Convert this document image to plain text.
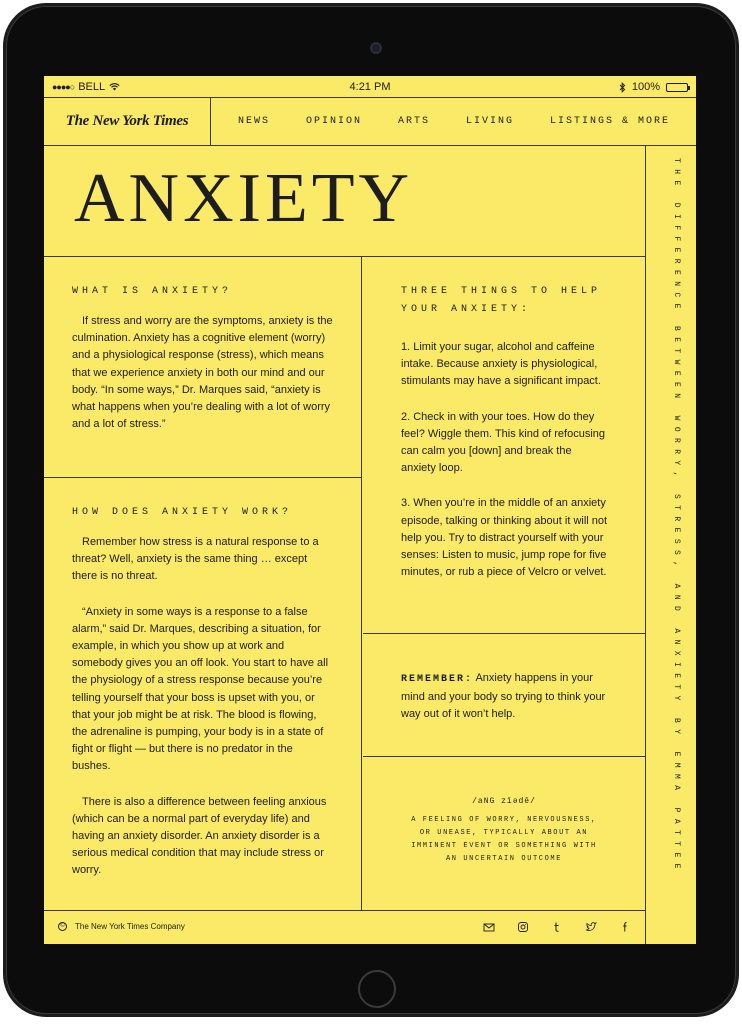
●●●●○ BELL	4:21 PM	100%
The New York Times	NEWS	OPINION	ARTS	LIVING	LISTINGS & MORE
ANXIETY	THE DIFFERENCE BETWEEN WORRY, STRESS, AND ANXIETY BY EMMA PATTEE
WHAT IS ANXIETY?

If stress and worry are the symptoms, anxiety is the culmination. Anxiety has a cognitive element (worry) and a physiological response (stress), which means that we experience anxiety in both our mind and our body. “In some ways,” Dr. Marques said, “anxiety is what happens when you’re dealing with a lot of worry and a lot of stress.”

HOW DOES ANXIETY WORK?

Remember how stress is a natural response to a threat? Well, anxiety is the same thing … except there is no threat.

“Anxiety in some ways is a response to a false alarm,” said Dr. Marques, describing a situation, for example, in which you show up at work and somebody gives you an off look. You start to have all the physiology of a stress response because you’re telling yourself that your boss is upset with you, or that your job might be at risk. The blood is flowing, the adrenaline is pumping, your body is in a state of fight or flight — but there is no predator in the bushes.

There is also a difference between feeling anxious (which can be a normal part of everyday life) and having an anxiety disorder. An anxiety disorder is a serious medical condition that may include stress or worry.

THREE THINGS TO HELP YOUR ANXIETY:

1. Limit your sugar, alcohol and caffeine intake. Because anxiety is physiological, stimulants may have a significant impact.

2. Check in with your toes. How do they feel? Wiggle them. This kind of refocusing can calm you [down] and break the anxiety loop.

3. When you’re in the middle of an anxiety episode, talking or thinking about it will not help you. Try to distract yourself with your senses: Listen to music, jump rope for five minutes, or rub a piece of Velcro or velvet.

REMEMBER: Anxiety happens in your mind and your body so trying to think your way out of it won’t help.

/aNG zīədē/
A FEELING OF WORRY, NERVOUSNESS, OR UNEASE, TYPICALLY ABOUT AN IMMINENT EVENT OR SOMETHING WITH AN UNCERTAIN OUTCOME
© The New York Times Company
